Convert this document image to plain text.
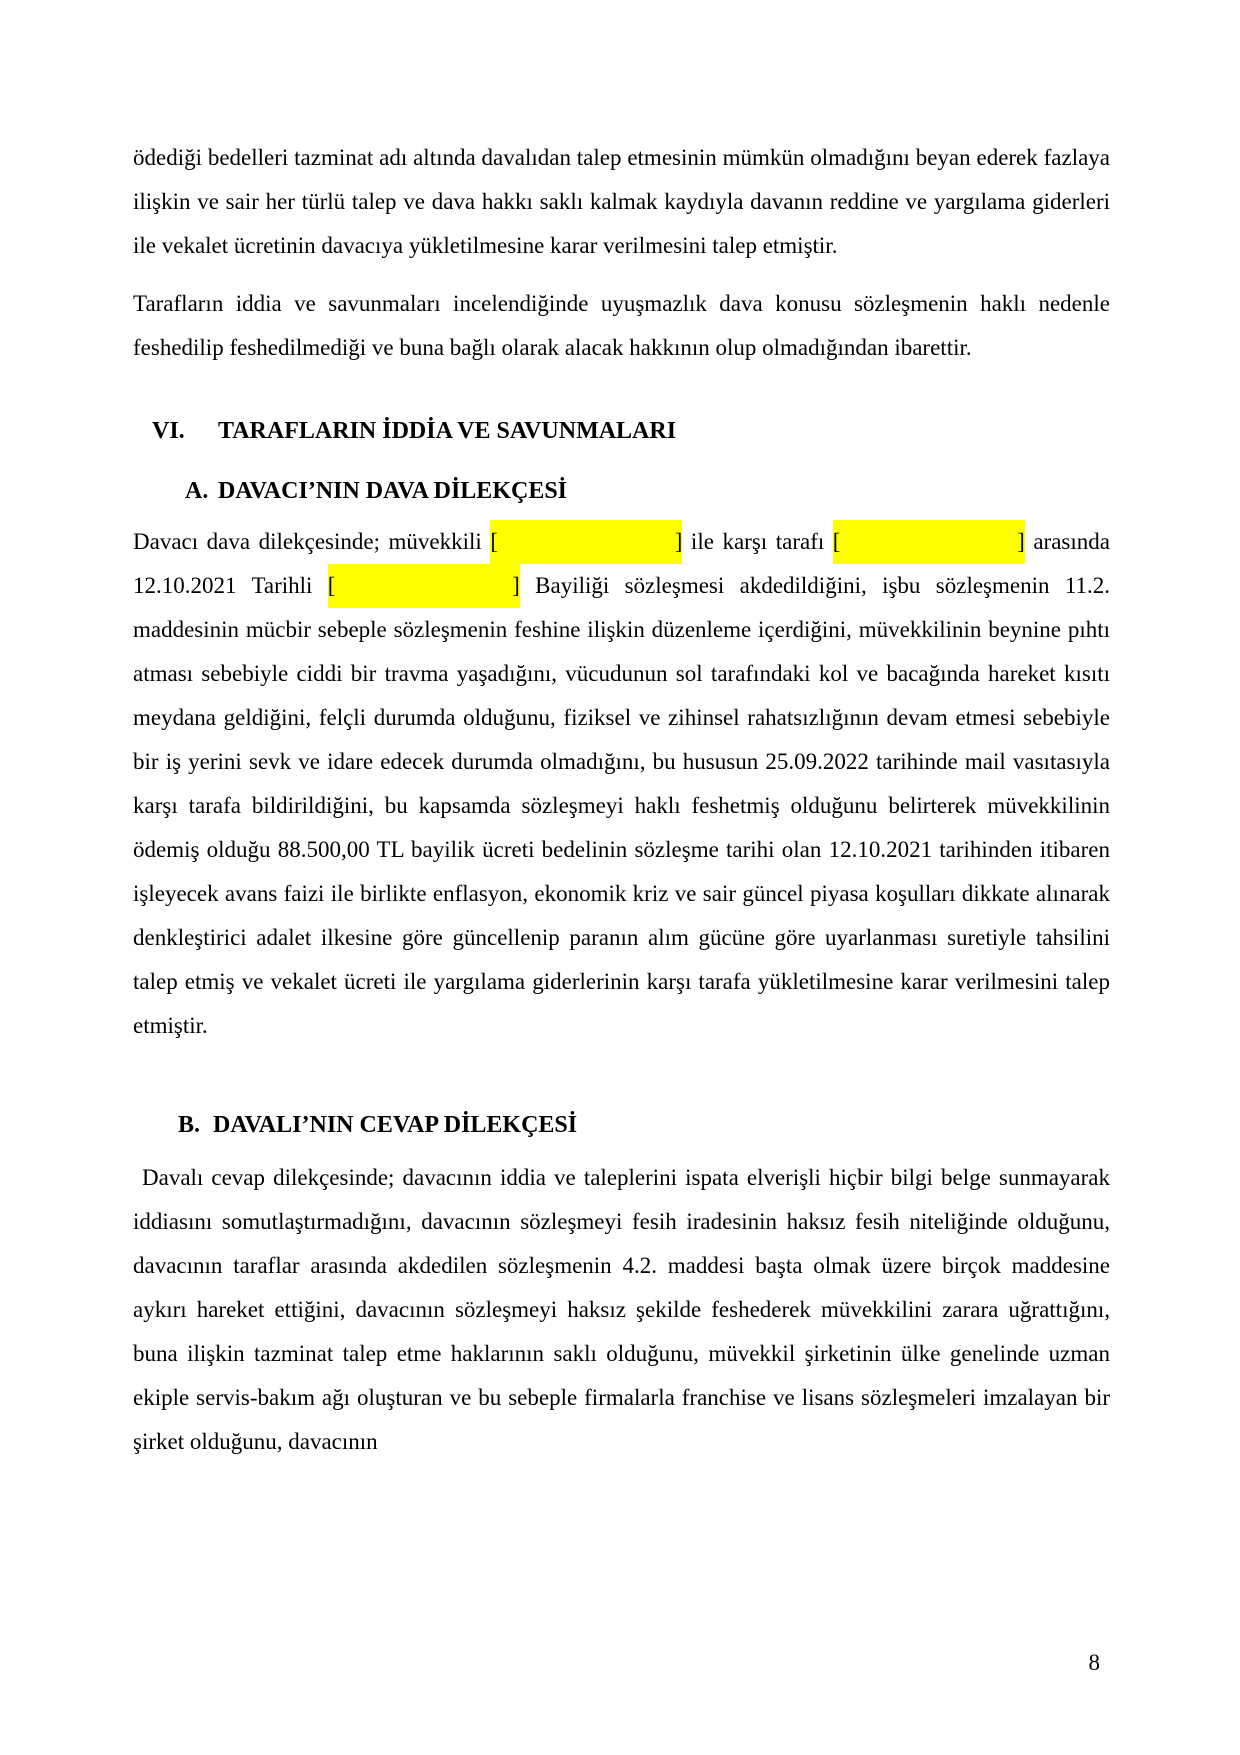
ödediği bedelleri tazminat adı altında davalıdan talep etmesinin mümkün olmadığını beyan ederek fazlaya ilişkin ve sair her türlü talep ve dava hakkı saklı kalmak kaydıyla davanın reddine ve yargılama giderleri ile vekalet ücretinin davacıya yükletilmesine karar verilmesini talep etmiştir.

Tarafların iddia ve savunmaları incelendiğinde uyuşmazlık dava konusu sözleşmenin haklı nedenle feshedilip feshedilmediği ve buna bağlı olarak alacak hakkının olup olmadığından ibarettir.

VI. TARAFLARIN İDDİA VE SAVUNMALARI
A. DAVACI’NIN DAVA DİLEKÇESİ

Davacı dava dilekçesinde; müvekkili [	] ile karşı tarafı [	] arasında 12.10.2021 Tarihli [	] Bayiliği sözleşmesi akdedildiğini, işbu sözleşmenin 11.2. maddesinin mücbir sebeple sözleşmenin feshine ilişkin düzenleme içerdiğini, müvekkilinin beynine pıhtı atması sebebiyle ciddi bir travma yaşadığını, vücudunun sol tarafındaki kol ve bacağında hareket kısıtı meydana geldiğini, felçli durumda olduğunu, fiziksel ve zihinsel rahatsızlığının devam etmesi sebebiyle bir iş yerini sevk ve idare edecek durumda olmadığını, bu hususun 25.09.2022 tarihinde mail vasıtasıyla karşı tarafa bildirildiğini, bu kapsamda sözleşmeyi haklı feshetmiş olduğunu belirterek müvekkilinin ödemiş olduğu 88.500,00 TL bayilik ücreti bedelinin sözleşme tarihi olan 12.10.2021 tarihinden itibaren işleyecek avans faizi ile birlikte enflasyon, ekonomik kriz ve sair güncel piyasa koşulları dikkate alınarak denkleştirici adalet ilkesine göre güncellenip paranın alım gücüne göre uyarlanması suretiyle tahsilini talep etmiş ve vekalet ücreti ile yargılama giderlerinin karşı tarafa yükletilmesine karar verilmesini talep etmiştir.

B. DAVALI’NIN CEVAP DİLEKÇESİ

Davalı cevap dilekçesinde; davacının iddia ve taleplerini ispata elverişli hiçbir bilgi belge sunmayarak iddiasını somutlaştırmadığını, davacının sözleşmeyi fesih iradesinin haksız fesih niteliğinde olduğunu, davacının taraflar arasında akdedilen sözleşmenin 4.2. maddesi başta olmak üzere birçok maddesine aykırı hareket ettiğini, davacının sözleşmeyi haksız şekilde feshederek müvekkilini zarara uğrattığını, buna ilişkin tazminat talep etme haklarının saklı olduğunu, müvekkil şirketinin ülke genelinde uzman ekiple servis-bakım ağı oluşturan ve bu sebeple firmalarla franchise ve lisans sözleşmeleri imzalayan bir şirket olduğunu, davacının

8
